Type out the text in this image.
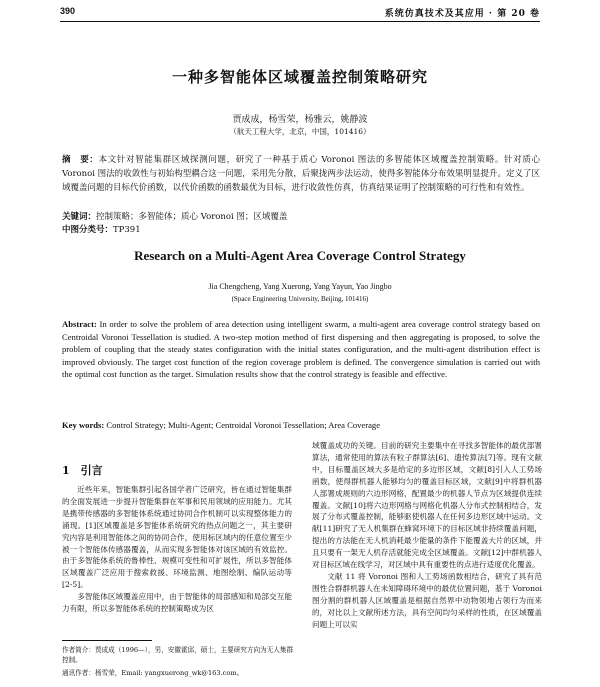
390	系统仿真技术及其应用 · 第 20 卷
一种多智能体区域覆盖控制策略研究
贾成成，杨雪荣，杨雅云，姚静波
（航天工程大学，北京，中国，101416）
摘　要：本文针对智能集群区域探测问题，研究了一种基于质心 Voronoi 图法的多智能体区域覆盖控制策略。针对质心 Voronoi 图法的收敛性与初始构型耦合这一问题，采用先分散，后聚拢两步法运动，使得多智能体分布效果明显提升。定义了区域覆盖问题的目标代价函数，以代价函数的函数最优为目标，进行收敛性仿真，仿真结果证明了控制策略的可行性和有效性。
关键词：控制策略；多智能体；质心 Voronoi 图；区域覆盖
中图分类号：TP391
Research on a Multi-Agent Area Coverage Control Strategy
Jia Chengcheng, Yang Xuerong, Yang Yayun, Yao Jingbo
(Space Engineering University, Beijing, 101416)
Abstract: In order to solve the problem of area detection using intelligent swarm, a multi-agent area coverage control strategy based on Centroidal Voronoi Tessellation is studied. A two-step motion method of first dispersing and then aggregating is proposed, to solve the problem of coupling that the steady states configuration with the initial states configuration, and the multi-agent distribution effect is improved obviously. The target cost function of the region coverage problem is defined. The convergence simulation is carried out with the optimal cost function as the target. Simulation results show that the control strategy is feasible and effective.
Key words: Control Strategy; Multi-Agent; Centroidal Voronoi Tessellation; Area Coverage
1　引言

近些年来，智能集群引起各国学者广泛研究，皆在通过智能集群的全面发展进一步提升智能集群在军事和民用领域的应用能力。尤其是携带传感器的多智能体系统通过协同合作机制可以实现整体能力的涌现。[1]区域覆盖是多智能体系统研究的热点问题之一，其主要研究内容是利用智能体之间的协同合作，使用标区域内的任意位置至少被一个智能体传感器覆盖，从而实现多智能体对该区域的有效监控。由于多智能体系统的鲁棒性、规模可变性和可扩展性，所以多智能体区域覆盖广泛应用于搜索救援、环境监测、地图绘制、编队运动等[2-5]。

多智能体区域覆盖应用中，由于智能体的局部感知和局部交互能力有限，所以多智能体系统的控制策略成为区

域覆盖成功的关键。目前的研究主要集中在寻找多智能体的最优部署算法，通常使用的算法有粒子群算法[6]、遗传算法[7]等。现有文献中，目标覆盖区域大多是给定的多边形区域，文献[8]引入人工势场函数，使得群机器人能够均匀的覆盖目标区域，文献[9]中将群机器人部署成规则的六边形网格，配置最少的机器人节点为区域提供连续覆盖。文献[10]将六边形网格与网格化机器人分布式控制相结合，发展了分布式覆盖控制，能够驱使机器人在任何多边形区域中运动。文献[11]研究了无人机集群在蜂窝环境下的目标区域非持续覆盖问题，提出的方法能在无人机消耗最少能量的条件下能覆盖大片的区域，并且只要有一架无人机存活就能完成全区域覆盖。文献[12]中群机器人对目标区域在线学习，对区域中具有重要性的点进行适度优化覆盖。

文献 11 将 Voronoi 图和人工势场函数相结合，研究了具有范围性合群群机器人在未知障碍环境中的最优位置问题，基于 Voronoi 图分割的群机器人区域覆盖是根据自然界中动物领地占领行为而来的，对比以上文献所述方法，具有空间均匀采样的性质，在区域覆盖问题上可以实

作者简介：贾成成（1996—），男，安徽霍邱，硕士，主要研究方向为无人集群控制。
通讯作者：杨雪荣，Email: yangxuerong_wk@163.com。
